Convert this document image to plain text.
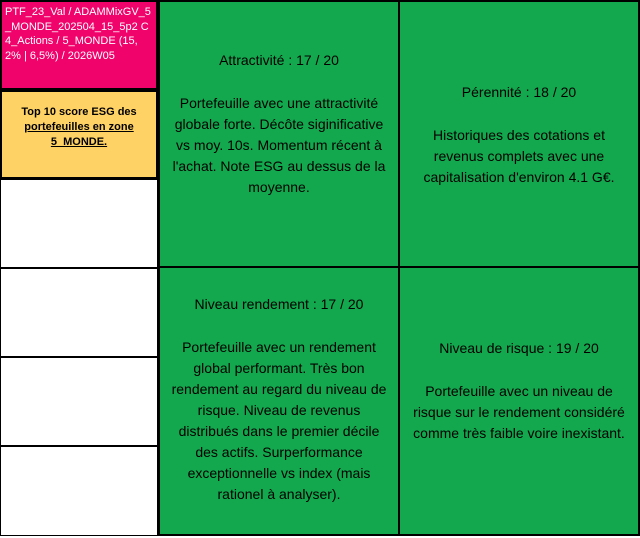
PTF_23_Val / ADAMMixGV_5_MONDE_202504_15_5p2 C4_Actions / 5_MONDE (15,2% | 6,5%) / 2026W05
Top 10 score ESG des portefeuilles en zone 5_MONDE.
Attractivité : 17 / 20
Portefeuille avec une attractivité globale forte. Décôte siginificative vs moy. 10s. Momentum récent à l'achat. Note ESG au dessus de la moyenne.
Pérennité : 18 / 20
Historiques des cotations et revenus complets avec une capitalisation d'environ 4.1 G€.
Niveau rendement : 17 / 20
Portefeuille avec un rendement global performant. Très bon rendement au regard du niveau de risque. Niveau de revenus distribués dans le premier décile des actifs. Surperformance exceptionnelle vs index (mais rationel à analyser).
Niveau de risque : 19 / 20
Portefeuille avec un niveau de risque sur le rendement considéré comme très faible voire inexistant.
